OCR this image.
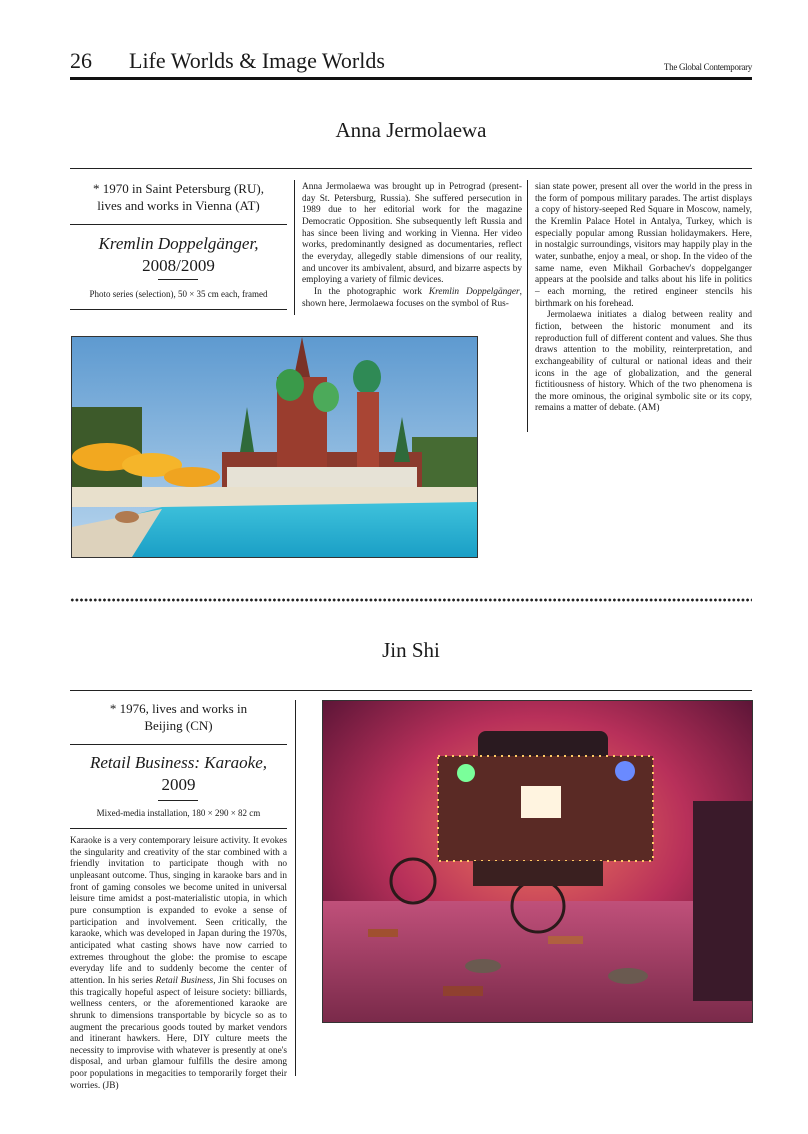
26 Life Worlds & Image Worlds	The Global Contemporary
Anna Jermolaewa
* 1970 in Saint Petersburg (RU),
lives and works in Vienna (AT)
Kremlin Doppelgänger,
2008/2009
Photo series (selection), 50 × 35 cm each, framed

Anna Jermolaewa was brought up in Petrograd (present-day St. Petersburg, Russia). She suffered persecution in 1989 due to her editorial work for the magazine Democratic Opposition. She subsequently left Russia and has since been living and working in Vienna. Her video works, predominantly designed as documentaries, reflect the everyday, allegedly stable dimensions of our reality, and uncover its ambivalent, absurd, and bizarre aspects by employing a variety of filmic devices.

In the photographic work Kremlin Doppelgänger, shown here, Jermolaewa focuses on the symbol of Rus-

sian state power, present all over the world in the press in the form of pompous military parades. The artist displays a copy of history-seeped Red Square in Moscow, namely, the Kremlin Palace Hotel in Antalya, Turkey, which is especially popular among Russian holidaymakers. Here, in nostalgic surroundings, visitors may happily play in the water, sunbathe, enjoy a meal, or shop. In the video of the same name, even Mikhail Gorbachev's doppelganger appears at the poolside and talks about his life in politics – each morning, the retired engineer stencils his birthmark on his forehead.

Jermolaewa initiates a dialog between reality and fiction, between the historic monument and its reproduction full of different content and values. She thus draws attention to the mobility, reinterpretation, and exchangeability of cultural or national ideas and their icons in the age of globalization, and the general fictitiousness of history. Which of the two phenomena is the more ominous, the original symbolic site or its copy, remains a matter of debate. (AM)

Jin Shi
* 1976, lives and works in
Beijing (CN)
Retail Business: Karaoke,
2009
Mixed-media installation, 180 × 290 × 82 cm

Karaoke is a very contemporary leisure activity. It evokes the singularity and creativity of the star combined with a friendly invitation to participate though with no unpleasant outcome. Thus, singing in karaoke bars and in front of gaming consoles we become united in universal leisure time amidst a post-materialistic utopia, in which pure consumption is expanded to evoke a sense of participation and involvement. Seen critically, the karaoke, which was developed in Japan during the 1970s, anticipated what casting shows have now carried to extremes throughout the globe: the promise to escape everyday life and to suddenly become the center of attention. In his series Retail Business, Jin Shi focuses on this tragically hopeful aspect of leisure society: billiards, wellness centers, or the aforementioned karaoke are shrunk to dimensions transportable by bicycle so as to augment the precarious goods touted by market vendors and itinerant hawkers. Here, DIY culture meets the necessity to improvise with whatever is presently at one's disposal, and urban glamour fulfills the desire among poor populations in megacities to temporarily forget their worries. (JB)
